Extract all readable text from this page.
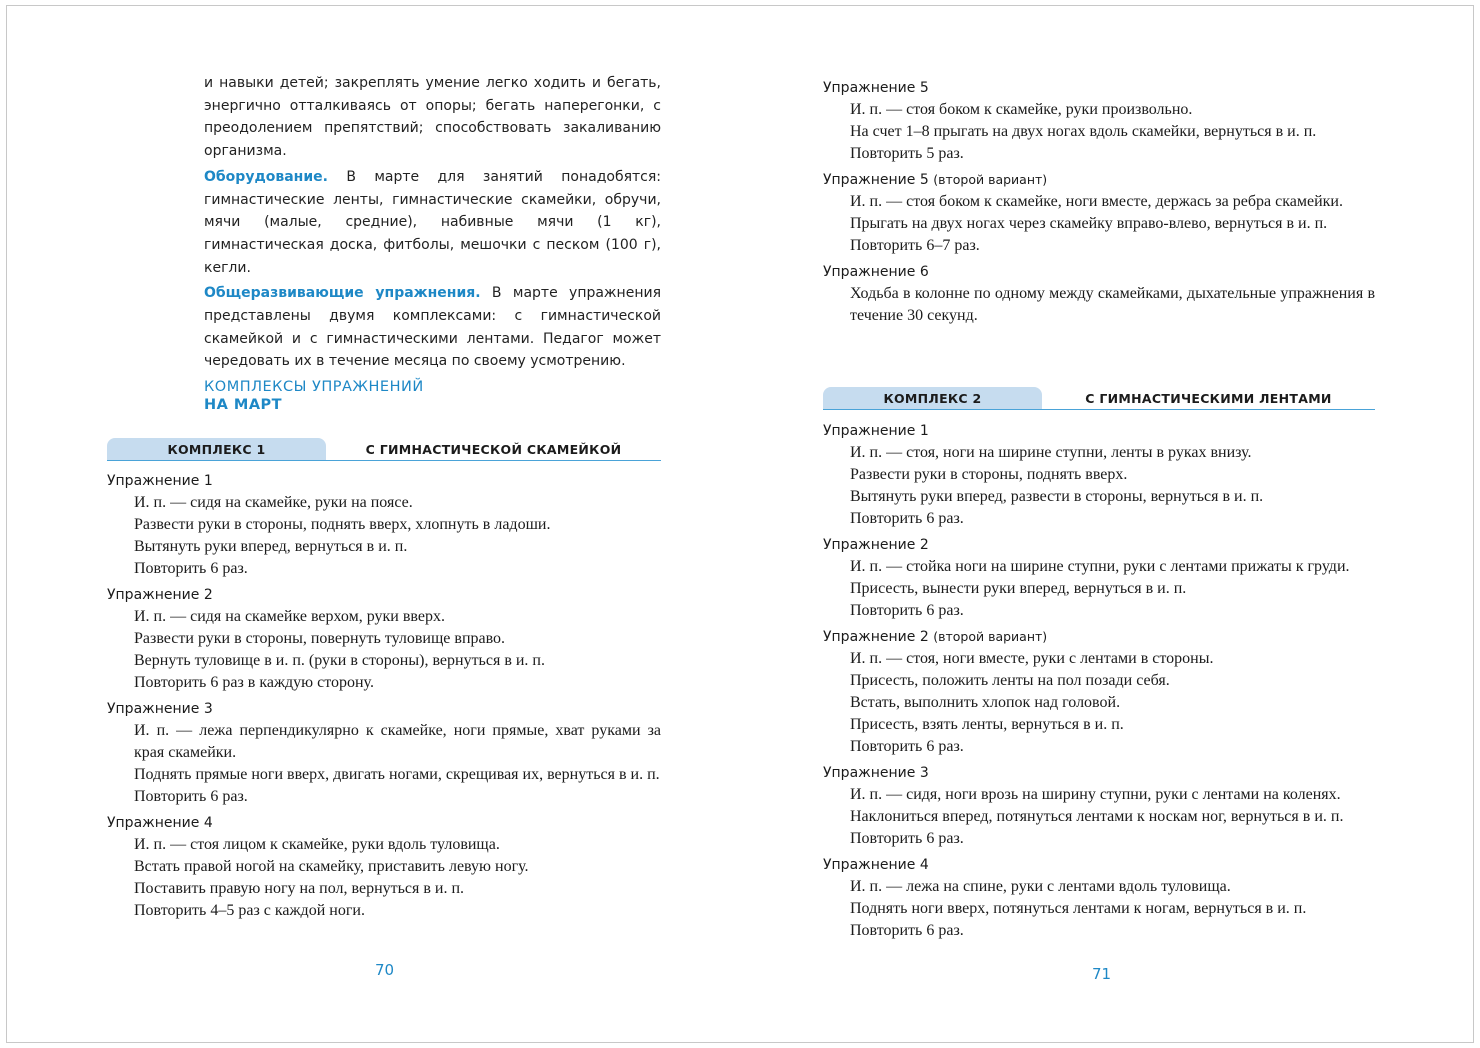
и навыки детей; закреплять умение легко ходить и бегать, энергично отталкиваясь от опоры; бегать наперегонки, с преодолением препятствий; способствовать закаливанию организма.

Оборудование. В марте для занятий понадобятся: гимнастические ленты, гимнастические скамейки, обручи, мячи (малые, средние), набивные мячи (1 кг), гимнастическая доска, фитболы, мешочки с песком (100 г), кегли.

Общеразвивающие упражнения. В марте упражнения представлены двумя комплексами: с гимнастической скамейкой и с гимнастическими лентами. Педагог может чередовать их в течение месяца по своему усмотрению.

КОМПЛЕКСЫ УПРАЖНЕНИЙ
НА МАРТ
КОМПЛЕКС 1	С ГИМНАСТИЧЕСКОЙ СКАМЕЙКОЙ
Упражнение 1
И. п. — сидя на скамейке, руки на поясе.
Развести руки в стороны, поднять вверх, хлопнуть в ладоши.
Вытянуть руки вперед, вернуться в и. п.
Повторить 6 раз.
Упражнение 2
И. п. — сидя на скамейке верхом, руки вверх.
Развести руки в стороны, повернуть туловище вправо.
Вернуть туловище в и. п. (руки в стороны), вернуться в и. п.
Повторить 6 раз в каждую сторону.
Упражнение 3
И. п. — лежа перпендикулярно к скамейке, ноги прямые, хват руками за края скамейки.
Поднять прямые ноги вверх, двигать ногами, скрещивая их, вернуться в и. п.
Повторить 6 раз.
Упражнение 4
И. п. — стоя лицом к скамейке, руки вдоль туловища.
Встать правой ногой на скамейку, приставить левую ногу.
Поставить правую ногу на пол, вернуться в и. п.
Повторить 4–5 раз с каждой ноги.
70
Упражнение 5
И. п. — стоя боком к скамейке, руки произвольно.
На счет 1–8 прыгать на двух ногах вдоль скамейки, вернуться в и. п.
Повторить 5 раз.
Упражнение 5 (второй вариант)
И. п. — стоя боком к скамейке, ноги вместе, держась за ребра скамейки.
Прыгать на двух ногах через скамейку вправо-влево, вернуться в и. п.
Повторить 6–7 раз.
Упражнение 6
Ходьба в колонне по одному между скамейками, дыхательные упражнения в течение 30 секунд.
КОМПЛЕКС 2	С ГИМНАСТИЧЕСКИМИ ЛЕНТАМИ
Упражнение 1
И. п. — стоя, ноги на ширине ступни, ленты в руках внизу.
Развести руки в стороны, поднять вверх.
Вытянуть руки вперед, развести в стороны, вернуться в и. п.
Повторить 6 раз.
Упражнение 2
И. п. — стойка ноги на ширине ступни, руки с лентами прижаты к груди.
Присесть, вынести руки вперед, вернуться в и. п.
Повторить 6 раз.
Упражнение 2 (второй вариант)
И. п. — стоя, ноги вместе, руки с лентами в стороны.
Присесть, положить ленты на пол позади себя.
Встать, выполнить хлопок над головой.
Присесть, взять ленты, вернуться в и. п.
Повторить 6 раз.
Упражнение 3
И. п. — сидя, ноги врозь на ширину ступни, руки с лентами на коленях.
Наклониться вперед, потянуться лентами к носкам ног, вернуться в и. п.
Повторить 6 раз.
Упражнение 4
И. п. — лежа на спине, руки с лентами вдоль туловища.
Поднять ноги вверх, потянуться лентами к ногам, вернуться в и. п.
Повторить 6 раз.
71
